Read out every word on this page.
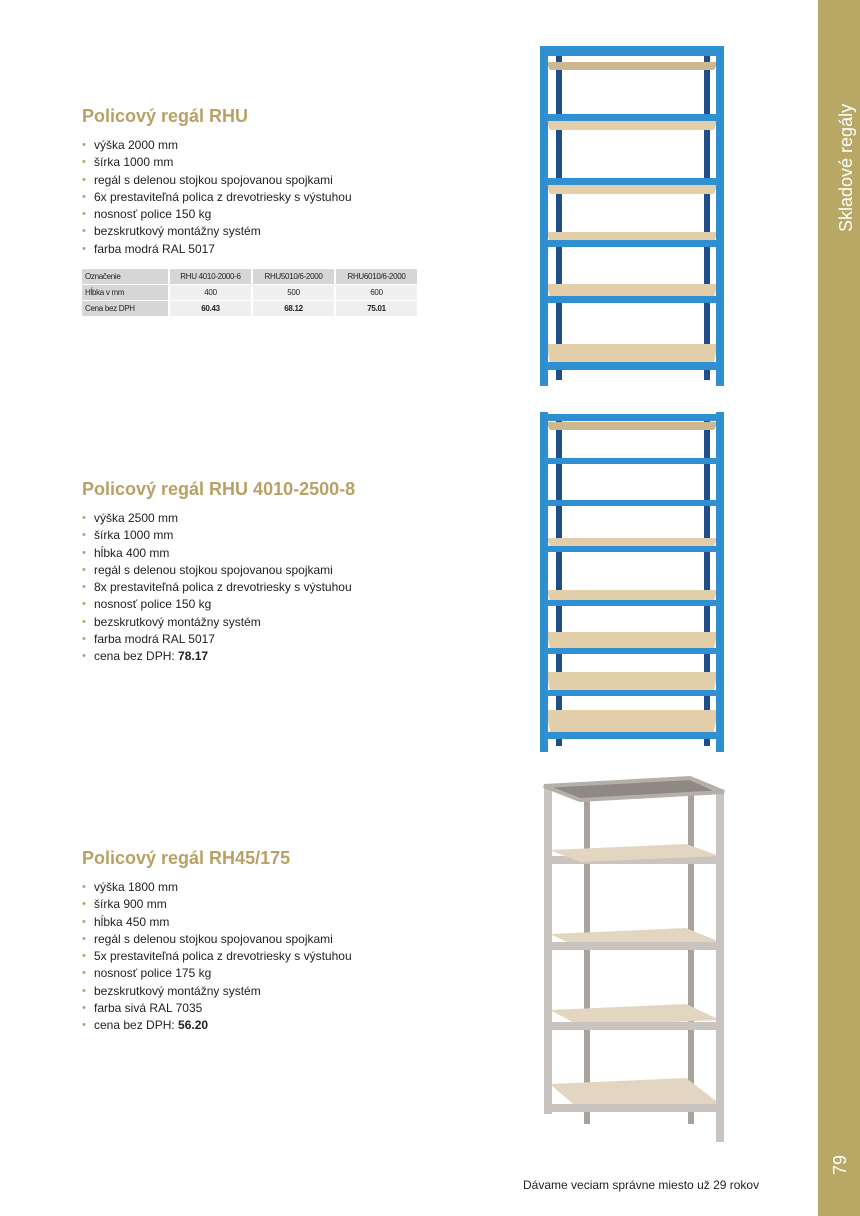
Skladové regály
79
Policový regál RHU
• výška 2000 mm
• šírka 1000 mm
• regál s delenou stojkou spojovanou spojkami
• 6x prestaviteľná polica z drevotriesky s výstuhou
• nosnosť police 150 kg
• bezskrutkový montážny systém
• farba modrá RAL 5017
Označenie	RHU 4010-2000-6	RHU5010/6-2000	RHU6010/6-2000
Hĺbka v mm	400	500	600
Cena bez DPH	60.43	68.12	75.01
Policový regál RHU 4010-2500-8
• výška 2500 mm
• šírka 1000 mm
• hĺbka 400 mm
• regál s delenou stojkou spojovanou spojkami
• 8x prestaviteľná polica z drevotriesky s výstuhou
• nosnosť police 150 kg
• bezskrutkový montážny systém
• farba modrá RAL 5017
• cena bez DPH: 78.17
Policový regál RH45/175
• výška 1800 mm
• šírka 900 mm
• hĺbka 450 mm
• regál s delenou stojkou spojovanou spojkami
• 5x prestaviteľná polica z drevotriesky s výstuhou
• nosnosť police 175 kg
• bezskrutkový montážny systém
• farba sivá RAL 7035
• cena bez DPH: 56.20
Dávame veciam správne miesto už 29 rokov
